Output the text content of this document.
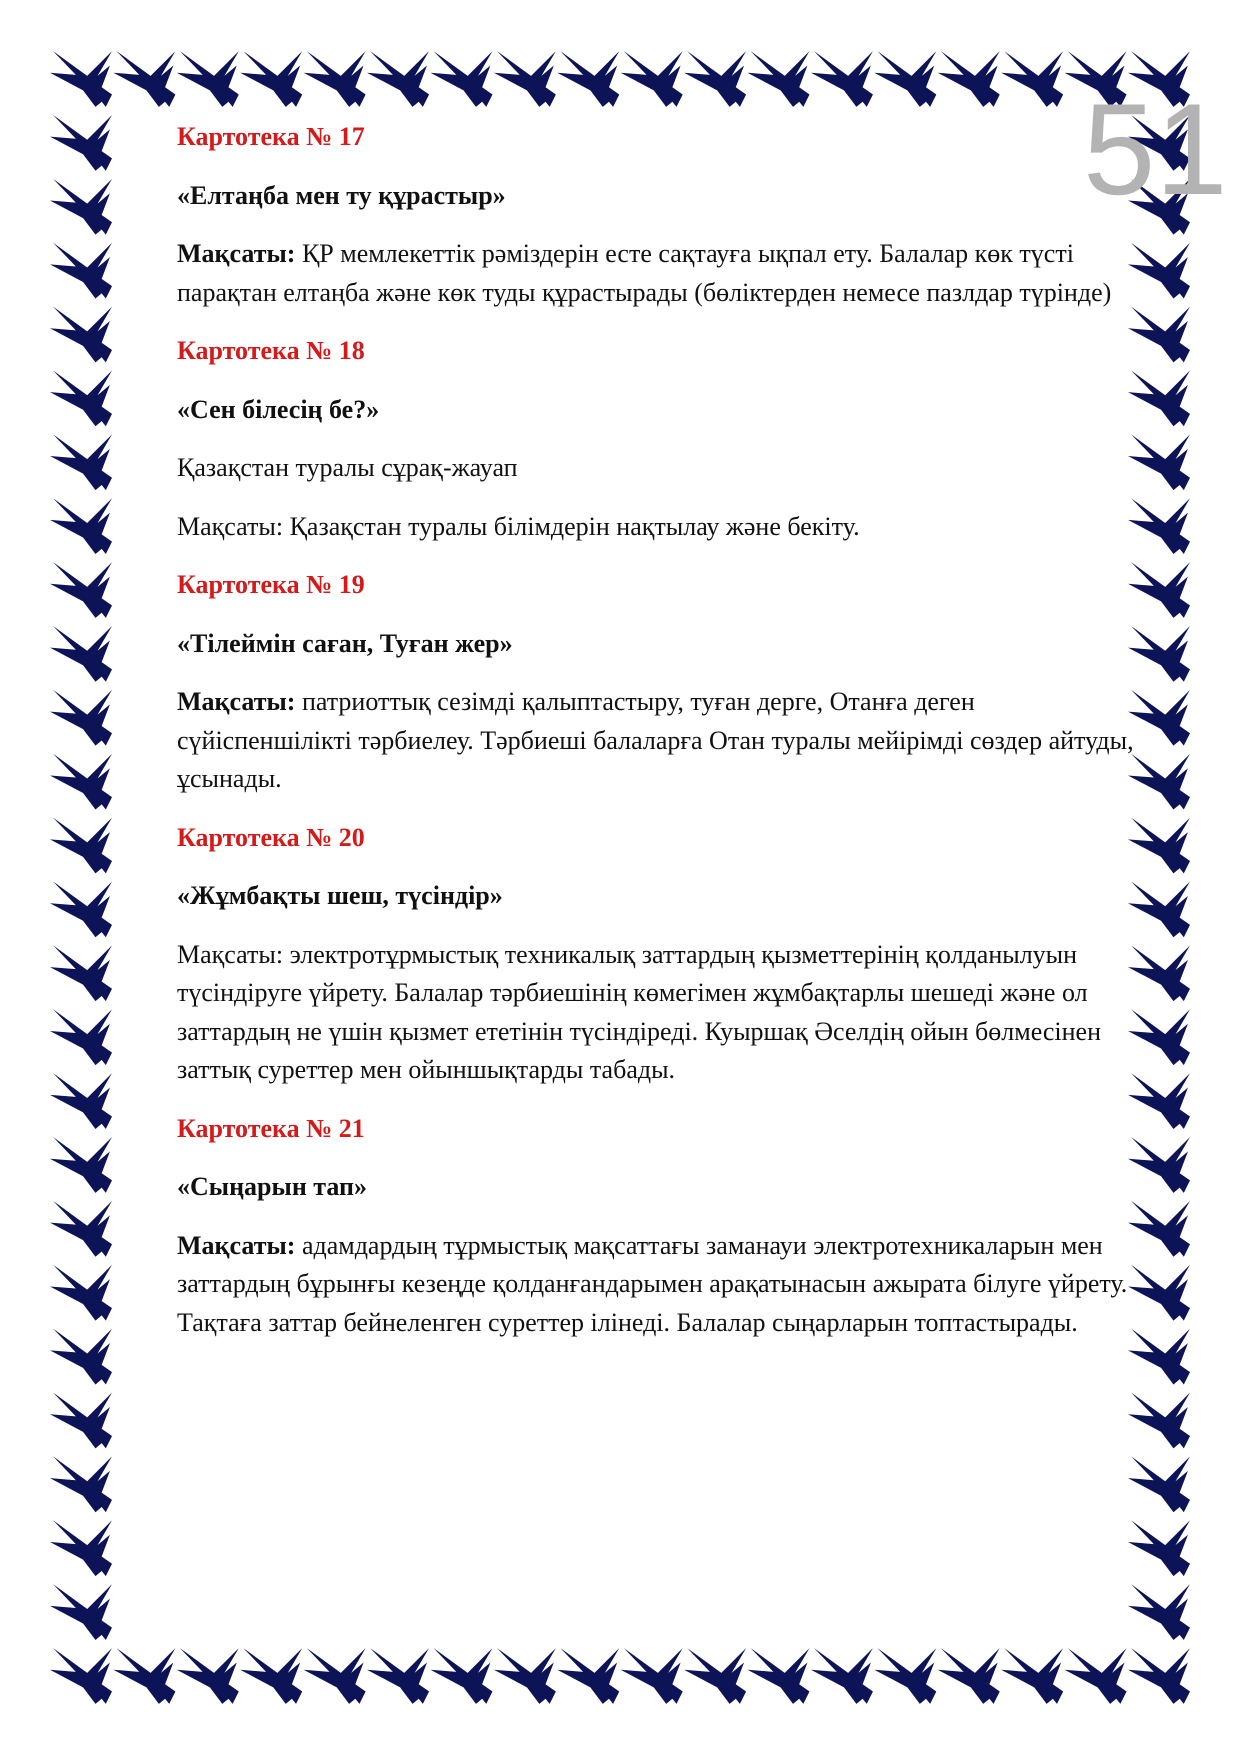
51
Картотека № 17
«Елтаңба мен ту құрастыр»

Мақсаты: ҚР мемлекеттік рәміздерін есте сақтауға ықпал ету. Балалар көк түсті парақтан елтаңба және көк туды құрастырады (бөліктерден немесе пазлдар түрінде)

Картотека № 18
«Сен білесің бе?»

Қазақстан туралы сұрақ-жауап

Мақсаты: Қазақстан туралы білімдерін нақтылау және бекіту.

Картотека № 19
«Тілеймін саған, Туған жер»

Мақсаты: патриоттық сезімді қалыптастыру, туған дерге, Отанға деген сүйіспеншілікті тәрбиелеу. Тәрбиеші балаларға Отан туралы мейірімді сөздер айтуды, ұсынады.

Картотека № 20
«Жұмбақты шеш, түсіндір»

Мақсаты: электротұрмыстық техникалық заттардың қызметтерінің қолданылуын түсіндіруге үйрету. Балалар тәрбиешінің көмегімен жұмбақтарлы шешеді және ол заттардың не үшін қызмет ететінін түсіндіреді. Куыршақ Әселдің ойын бөлмесінен заттық суреттер мен ойыншықтарды табады.

Картотека № 21
«Сыңарын тап»

Мақсаты: адамдардың тұрмыстық мақсаттағы заманауи электротехникаларын мен заттардың бұрынғы кезеңде қолданғандарымен арақатынасын ажырата білуге үйрету. Тақтаға заттар бейнеленген суреттер ілінеді. Балалар сыңарларын топтастырады.
